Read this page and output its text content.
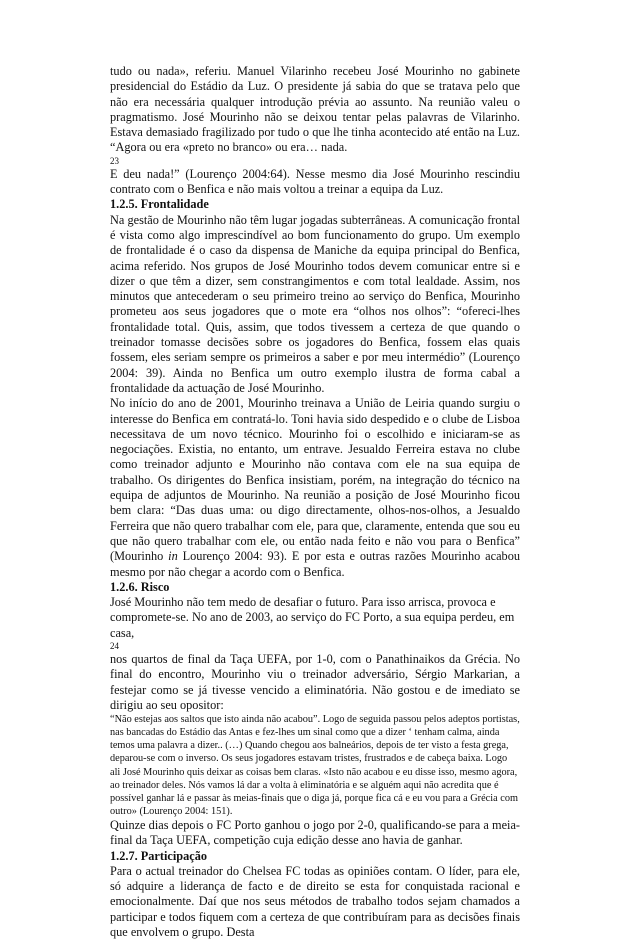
tudo ou nada», referiu. Manuel Vilarinho recebeu José Mourinho no gabinete presidencial do Estádio da Luz. O presidente já sabia do que se tratava pelo que não era necessária qualquer introdução prévia ao assunto. Na reunião valeu o pragmatismo. José Mourinho não se deixou tentar pelas palavras de Vilarinho. Estava demasiado fragilizado por tudo o que lhe tinha acontecido até então na Luz. “Agora ou era «preto no branco» ou era… nada.

23

E deu nada!” (Lourenço 2004:64). Nesse mesmo dia José Mourinho rescindiu contrato com o Benfica e não mais voltou a treinar a equipa da Luz.

1.2.5. Frontalidade

Na gestão de Mourinho não têm lugar jogadas subterrâneas. A comunicação frontal é vista como algo imprescindível ao bom funcionamento do grupo. Um exemplo de frontalidade é o caso da dispensa de Maniche da equipa principal do Benfica, acima referido. Nos grupos de José Mourinho todos devem comunicar entre si e dizer o que têm a dizer, sem constrangimentos e com total lealdade. Assim, nos minutos que antecederam o seu primeiro treino ao serviço do Benfica, Mourinho prometeu aos seus jogadores que o mote era “olhos nos olhos”: “ofereci-lhes frontalidade total. Quis, assim, que todos tivessem a certeza de que quando o treinador tomasse decisões sobre os jogadores do Benfica, fossem elas quais fossem, eles seriam sempre os primeiros a saber e por meu intermédio” (Lourenço 2004: 39). Ainda no Benfica um outro exemplo ilustra de forma cabal a frontalidade da actuação de José Mourinho.

No início do ano de 2001, Mourinho treinava a União de Leiria quando surgiu o interesse do Benfica em contratá-lo. Toni havia sido despedido e o clube de Lisboa necessitava de um novo técnico. Mourinho foi o escolhido e iniciaram-se as negociações. Existia, no entanto, um entrave. Jesualdo Ferreira estava no clube como treinador adjunto e Mourinho não contava com ele na sua equipa de trabalho. Os dirigentes do Benfica insistiam, porém, na integração do técnico na equipa de adjuntos de Mourinho. Na reunião a posição de José Mourinho ficou bem clara: “Das duas uma: ou digo directamente, olhos-nos-olhos, a Jesualdo Ferreira que não quero trabalhar com ele, para que, claramente, entenda que sou eu que não quero trabalhar com ele, ou então nada feito e não vou para o Benfica” (Mourinho in Lourenço 2004: 93). E por esta e outras razões Mourinho acabou mesmo por não chegar a acordo com o Benfica.

1.2.6. Risco

José Mourinho não tem medo de desafiar o futuro. Para isso arrisca, provoca e compromete-se. No ano de 2003, ao serviço do FC Porto, a sua equipa perdeu, em casa,

24

nos quartos de final da Taça UEFA, por 1-0, com o Panathinaikos da Grécia. No final do encontro, Mourinho viu o treinador adversário, Sérgio Markarian, a festejar como se já tivesse vencido a eliminatória. Não gostou e de imediato se dirigiu ao seu opositor:

“Não estejas aos saltos que isto ainda não acabou”. Logo de seguida passou pelos adeptos portistas, nas bancadas do Estádio das Antas e fez-lhes um sinal como que a dizer ‘ tenham calma, ainda temos uma palavra a dizer.. (…) Quando chegou aos balneários, depois de ter visto a festa grega, deparou-se com o inverso. Os seus jogadores estavam tristes, frustrados e de cabeça baixa. Logo ali José Mourinho quis deixar as coisas bem claras. «Isto não acabou e eu disse isso, mesmo agora, ao treinador deles. Nós vamos lá dar a volta à eliminatória e se alguém aqui não acredita que é possível ganhar lá e passar às meias-finais que o diga já, porque fica cá e eu vou para a Grécia com outro» (Lourenço 2004: 151).

Quinze dias depois o FC Porto ganhou o jogo por 2-0, qualificando-se para a meia-final da Taça UEFA, competição cuja edição desse ano havia de ganhar.

1.2.7. Participação

Para o actual treinador do Chelsea FC todas as opiniões contam. O líder, para ele, só adquire a liderança de facto e de direito se esta for conquistada racional e emocionalmente. Daí que nos seus métodos de trabalho todos sejam chamados a participar e todos fiquem com a certeza de que contribuíram para as decisões finais que envolvem o grupo. Desta
